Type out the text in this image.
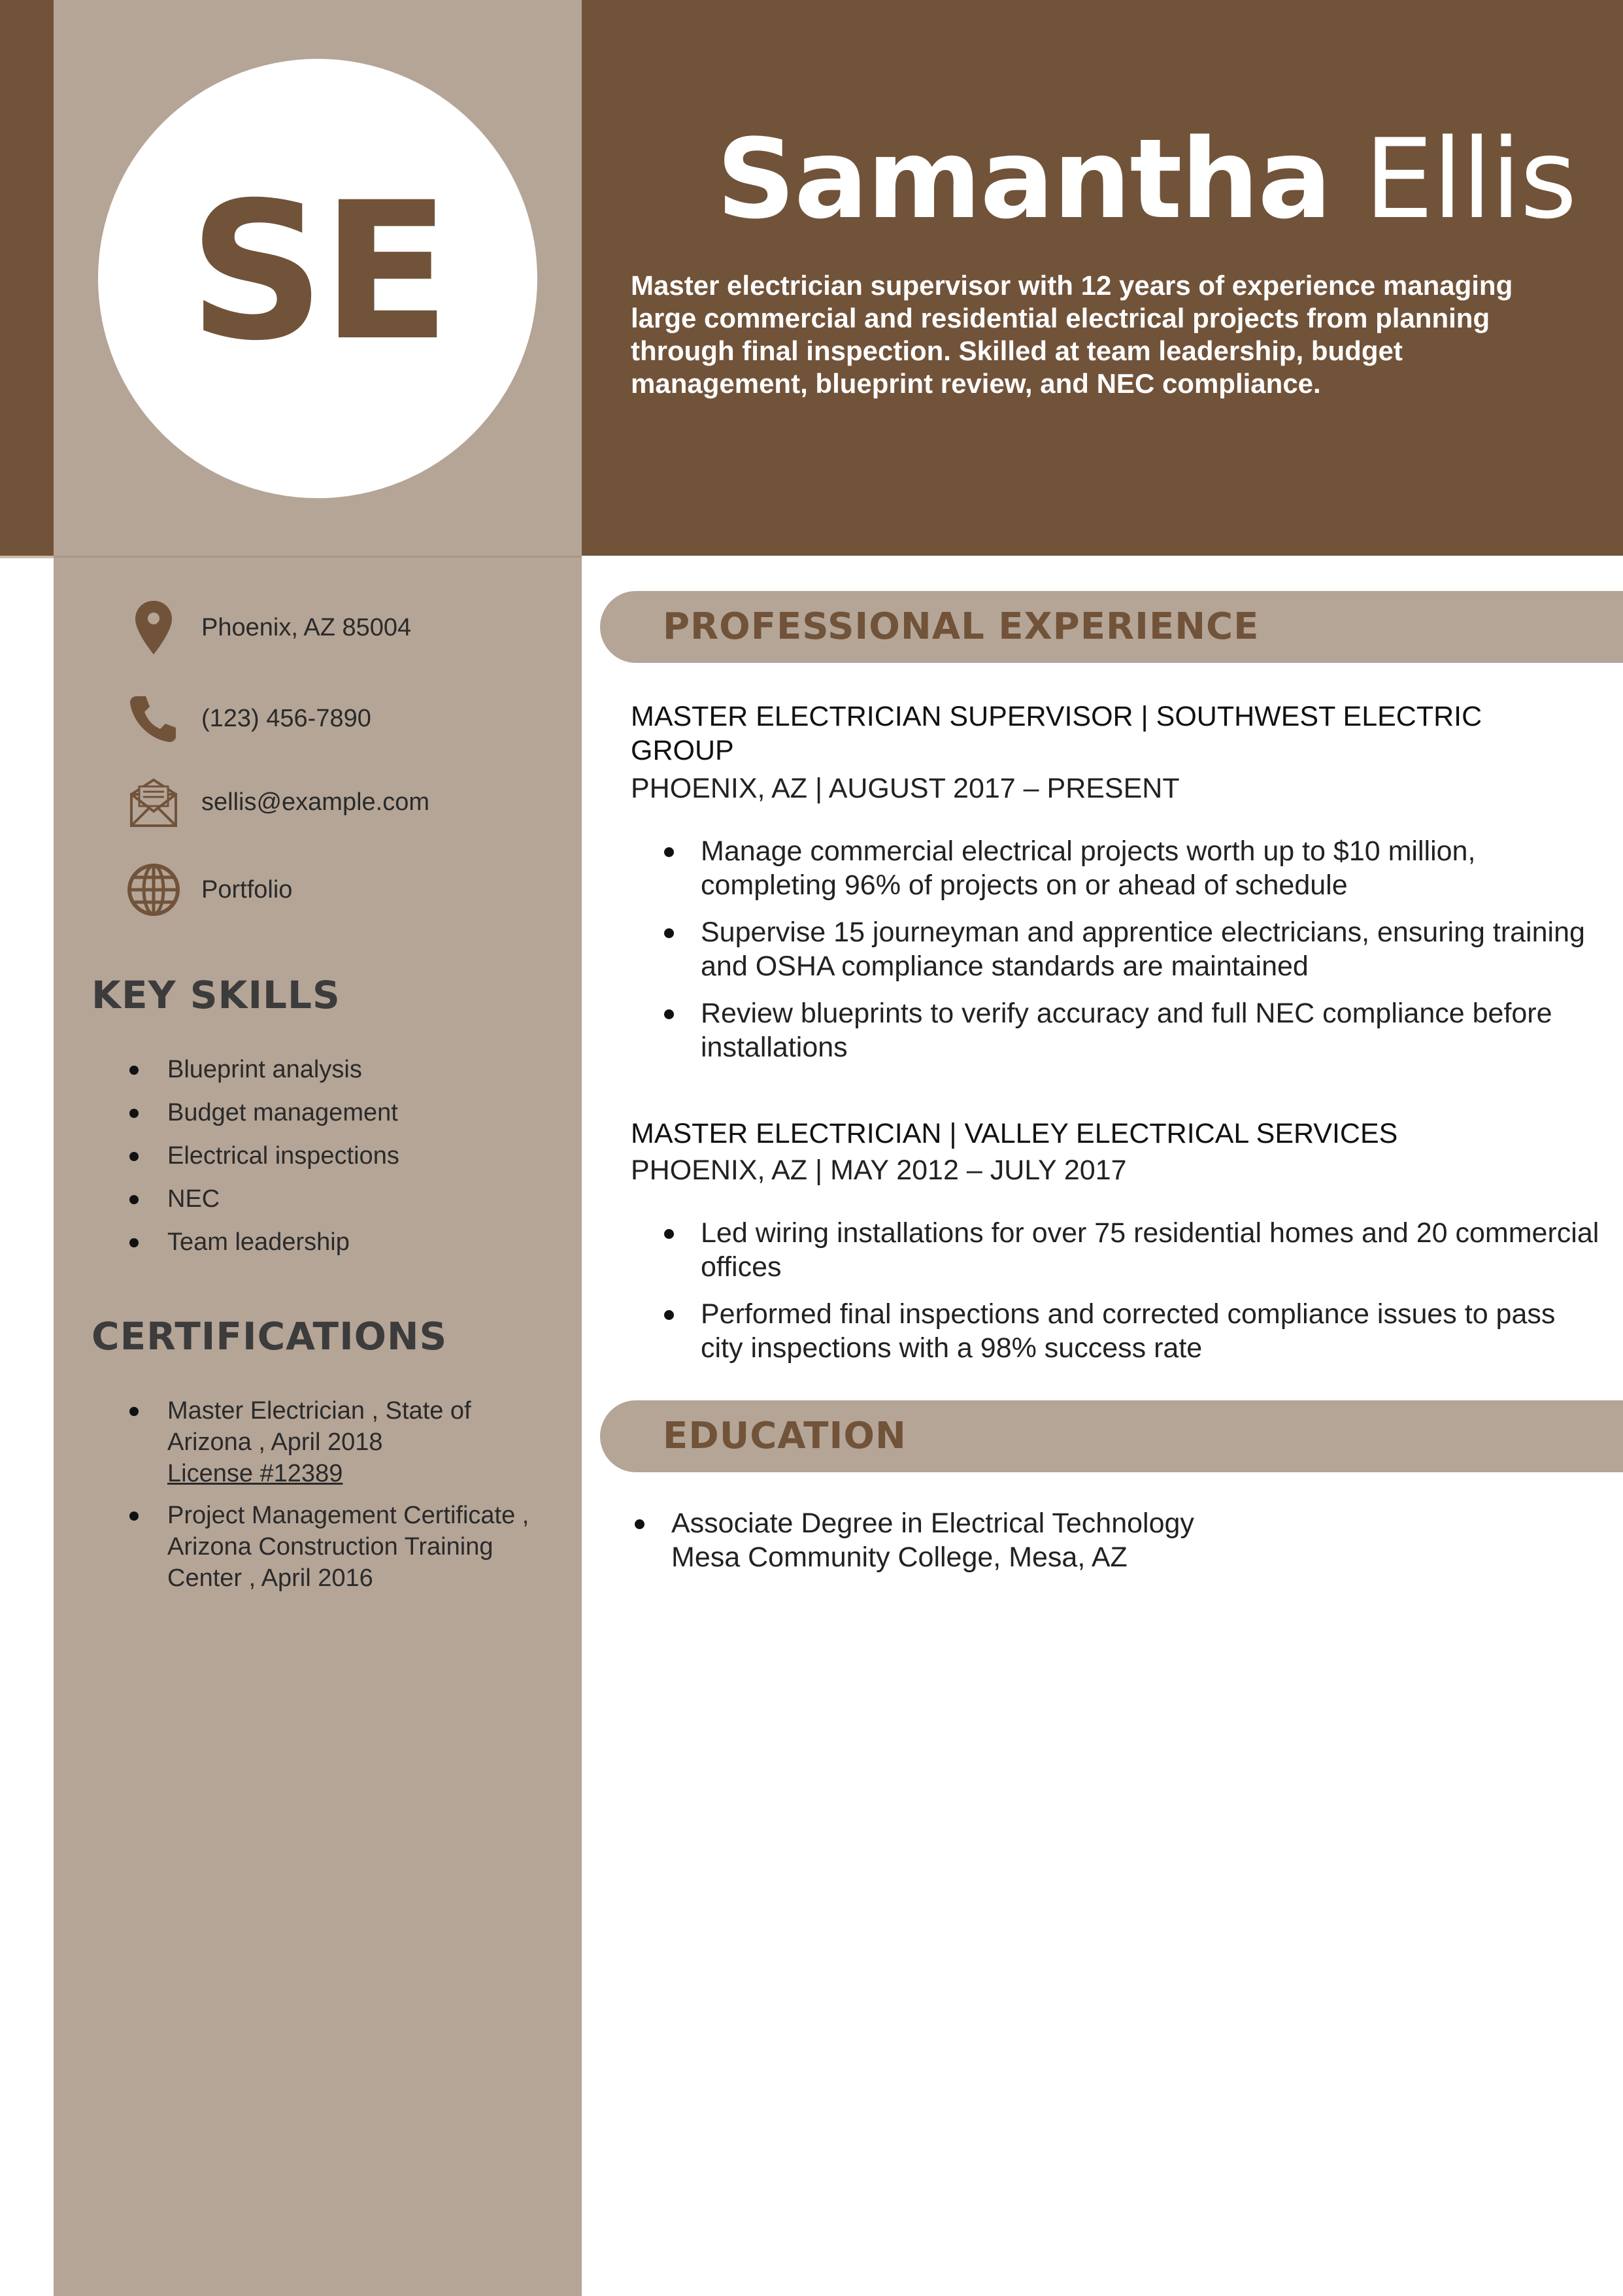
SE Samantha Ellis
Master electrician supervisor with 12 years of experience managing large commercial and residential electrical projects from planning through final inspection. Skilled at team leadership, budget management, blueprint review, and NEC compliance.
Phoenix, AZ 85004
(123) 456-7890
sellis@example.com
Portfolio
KEY SKILLS
Blueprint analysis
Budget management
Electrical inspections
NEC
Team leadership
CERTIFICATIONS
Master Electrician , State of Arizona , April 2018
License #12389
Project Management Certificate , Arizona Construction Training Center , April 2016
PROFESSIONAL EXPERIENCE
MASTER ELECTRICIAN SUPERVISOR | SOUTHWEST ELECTRIC GROUP
PHOENIX, AZ | AUGUST 2017 – PRESENT
Manage commercial electrical projects worth up to $10 million, completing 96% of projects on or ahead of schedule
Supervise 15 journeyman and apprentice electricians, ensuring training and OSHA compliance standards are maintained
Review blueprints to verify accuracy and full NEC compliance before installations
MASTER ELECTRICIAN | VALLEY ELECTRICAL SERVICES
PHOENIX, AZ | MAY 2012 – JULY 2017
Led wiring installations for over 75 residential homes and 20 commercial offices
Performed final inspections and corrected compliance issues to pass city inspections with a 98% success rate
EDUCATION
Associate Degree in Electrical Technology
Mesa Community College, Mesa, AZ
